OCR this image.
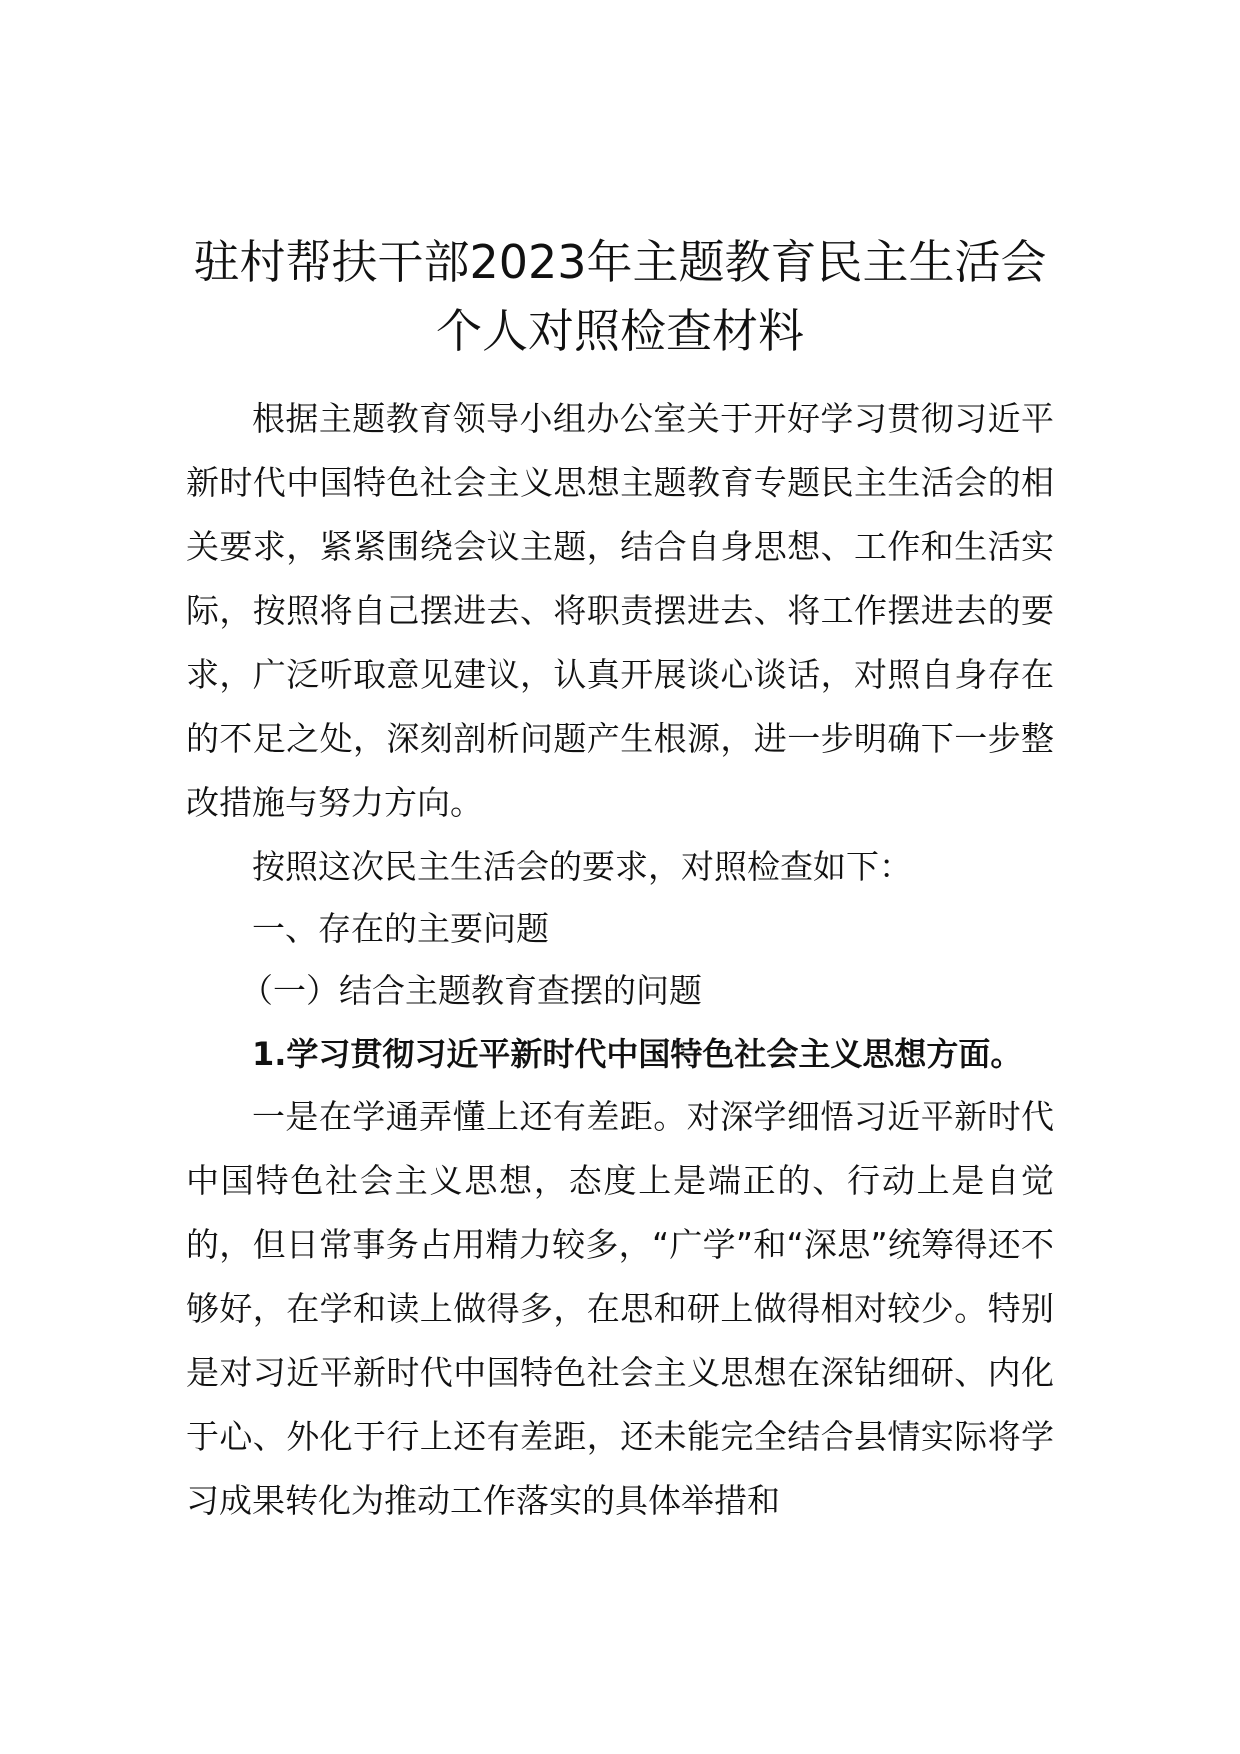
驻村帮扶干部2023年主题教育民主生活会
个人对照检查材料

根据主题教育领导小组办公室关于开好学习贯彻习近平新时代中国特色社会主义思想主题教育专题民主生活会的相关要求，紧紧围绕会议主题，结合自身思想、工作和生活实际，按照将自己摆进去、将职责摆进去、将工作摆进去的要求，广泛听取意见建议，认真开展谈心谈话，对照自身存在的不足之处，深刻剖析问题产生根源，进一步明确下一步整改措施与努力方向。

按照这次民主生活会的要求，对照检查如下：

一、存在的主要问题

（一）结合主题教育查摆的问题

1.学习贯彻习近平新时代中国特色社会主义思想方面。

一是在学通弄懂上还有差距。对深学细悟习近平新时代中国特色社会主义思想，态度上是端正的、行动上是自觉的，但日常事务占用精力较多，“广学”和“深思”统筹得还不够好，在学和读上做得多，在思和研上做得相对较少。特别是对习近平新时代中国特色社会主义思想在深钻细研、内化于心、外化于行上还有差距，还未能完全结合县情实际将学习成果转化为推动工作落实的具体举措和
